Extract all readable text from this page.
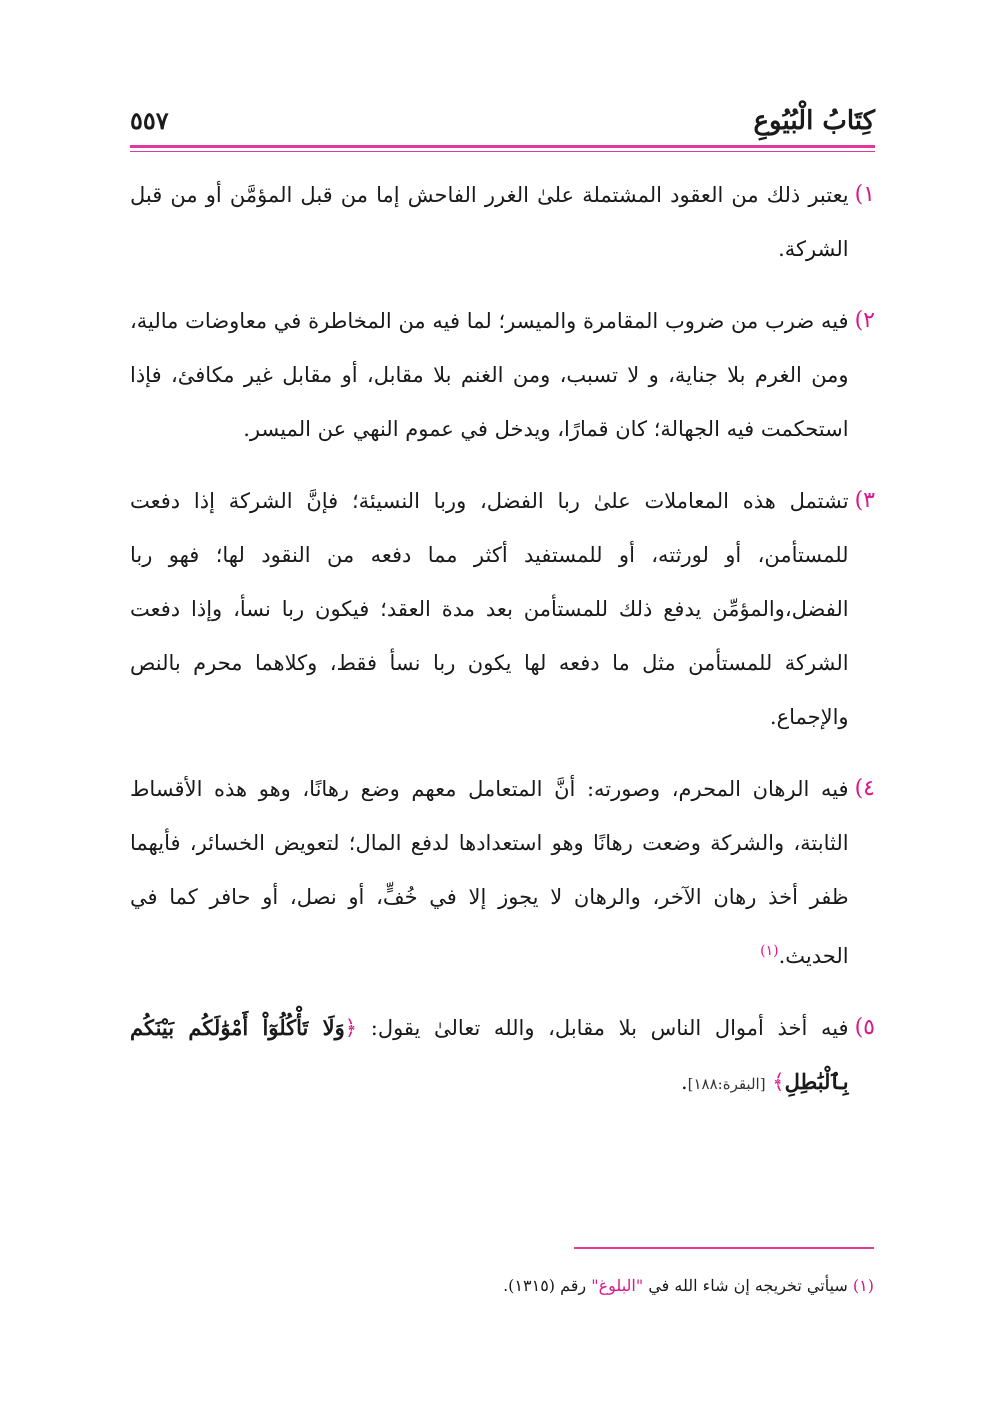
كِتَابُ الْبُيُوعِ
٥٥٧
١)
يعتبر ذلك من العقود المشتملة علىٰ الغرر الفاحش إما من قبل المؤمَّن أو من قبل الشركة.
٢)
فيه ضرب من ضروب المقامرة والميسر؛ لما فيه من المخاطرة في معاوضات مالية، ومن الغرم بلا جناية، و لا تسبب، ومن الغنم بلا مقابل، أو مقابل غير مكافئ، فإذا استحكمت فيه الجهالة؛ كان قمارًا، ويدخل في عموم النهي عن الميسر.
٣)
تشتمل هذه المعاملات علىٰ ربا الفضل، وربا النسيئة؛ فإنَّ الشركة إذا دفعت للمستأمن، أو لورثته، أو للمستفيد أكثر مما دفعه من النقود لها؛ فهو ربا الفضل،والمؤمِّن يدفع ذلك للمستأمن بعد مدة العقد؛ فيكون ربا نسأ، وإذا دفعت الشركة للمستأمن مثل ما دفعه لها يكون ربا نسأ فقط، وكلاهما محرم بالنص والإجماع.
٤)
فيه الرهان المحرم، وصورته: أنَّ المتعامل معهم وضع رهانًا، وهو هذه الأقساط الثابتة، والشركة وضعت رهانًا وهو استعدادها لدفع المال؛ لتعويض الخسائر، فأيهما ظفر أخذ رهان الآخر، والرهان لا يجوز إلا في خُفٍّ، أو نصل، أو حافر كما في الحديث.$^{(١)}$
٥)
فيه أخذ أموال الناس بلا مقابل، والله تعالىٰ يقول: ﴿وَلَا تَأْكُلُوٓاْ أَمْوَٰلَكُم بَيْنَكُم بِٱلْبَٰطِلِ﴾ [البقرة:١٨٨].
(١) سيأتي تخريجه إن شاء الله في "البلوغ" رقم (١٣١٥).
